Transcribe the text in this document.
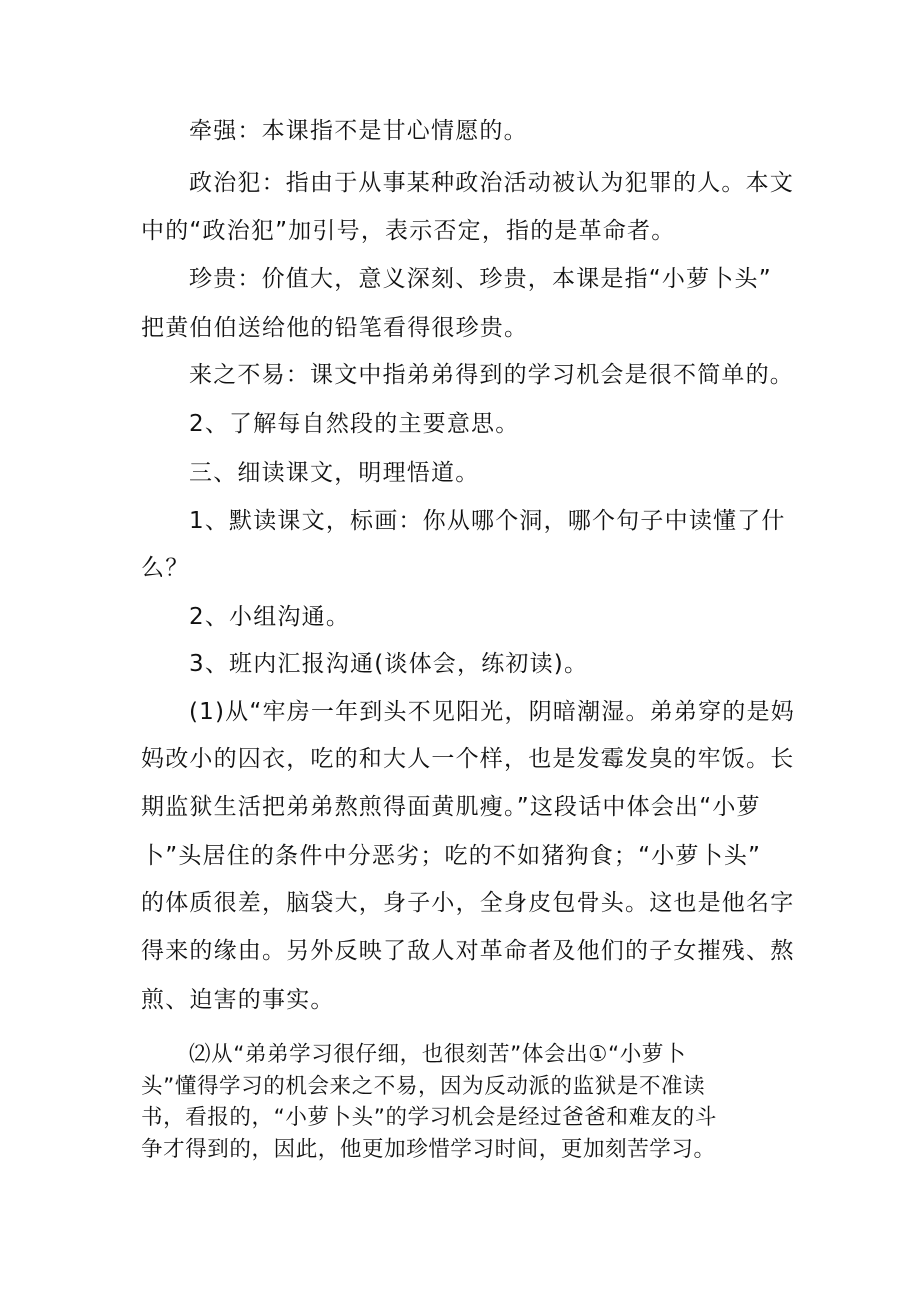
牵强：本课指不是甘心情愿的。
政治犯：指由于从事某种政治活动被认为犯罪的人。本文
中的“政治犯”加引号，表示否定，指的是革命者。
珍贵：价值大，意义深刻、珍贵，本课是指“小萝卜头”
把黄伯伯送给他的铅笔看得很珍贵。
来之不易：课文中指弟弟得到的学习机会是很不简单的。
2、了解每自然段的主要意思。
三、细读课文，明理悟道。
1、默读课文，标画：你从哪个洞，哪个句子中读懂了什
么？
2、小组沟通。
3、班内汇报沟通(谈体会，练初读)。
(1)从“牢房一年到头不见阳光，阴暗潮湿。弟弟穿的是妈
妈改小的囚衣，吃的和大人一个样，也是发霉发臭的牢饭。长
期监狱生活把弟弟熬煎得面黄肌瘦。”这段话中体会出“小萝
卜”头居住的条件中分恶劣；吃的不如猪狗食；“小萝卜头”
的体质很差，脑袋大，身子小，全身皮包骨头。这也是他名字
得来的缘由。另外反映了敌人对革命者及他们的子女摧残、熬
煎、迫害的事实。
⑵从“弟弟学习很仔细，也很刻苦”体会出①“小萝卜
头”懂得学习的机会来之不易，因为反动派的监狱是不准读
书，看报的，“小萝卜头”的学习机会是经过爸爸和难友的斗
争才得到的，因此，他更加珍惜学习时间，更加刻苦学习。
